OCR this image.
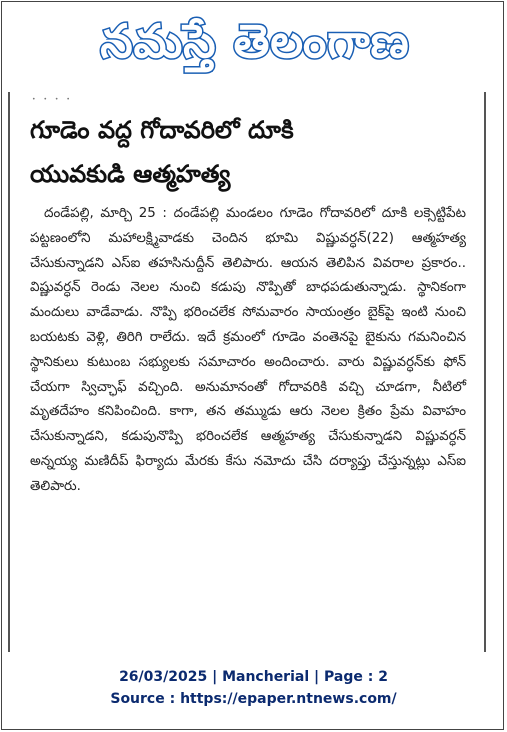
నమస్తే తెలంగాణ
• • • •
గూడెం వద్ద గోదావరిలో దూకి
యువకుడి ఆత్మహత్య

దండేపల్లి, మార్చి 25 : దండేపల్లి మండలం గూడెం గోదావరిలో దూకి లక్సెట్టిపేట పట్టణంలోని మహాలక్ష్మివాడకు చెందిన భూమి విష్ణువర్ధన్(22) ఆత్మహత్య చేసుకున్నాడని ఎస్‌ఐ తహసినుద్దీన్ తెలిపారు. ఆయన తెలిపిన వివరాల ప్రకారం.. విష్ణువర్ధన్ రెండు నెలల నుంచి కడుపు నొప్పితో బాధపడుతున్నాడు. స్థానికంగా మందులు వాడేవాడు. నొప్పి భరించలేక సోమవారం సాయంత్రం బైక్‌పై ఇంటి నుంచి బయటకు వెళ్లి, తిరిగి రాలేదు. ఇదే క్రమంలో గూడెం వంతెనపై బైకును గమనించిన స్థానికులు కుటుంబ సభ్యులకు సమాచారం అందించారు. వారు విష్ణువర్ధన్‌కు ఫోన్ చేయగా స్విచ్ఛాఫ్ వచ్చింది. అనుమానంతో గోదావరికి వచ్చి చూడగా, నీటిలో మృతదేహం కనిపించింది. కాగా, తన తమ్ముడు ఆరు నెలల క్రితం ప్రేమ వివాహం చేసుకున్నాడని, కడుపునొప్పి భరించలేక ఆత్మహత్య చేసుకున్నాడని విష్ణువర్ధన్ అన్నయ్య మణిదీప్ ఫిర్యాదు మేరకు కేసు నమోదు చేసి దర్యాప్తు చేస్తున్నట్లు ఎస్‌ఐ తెలిపారు.

26/03/2025 | Mancherial | Page : 2
Source : https://epaper.ntnews.com/
